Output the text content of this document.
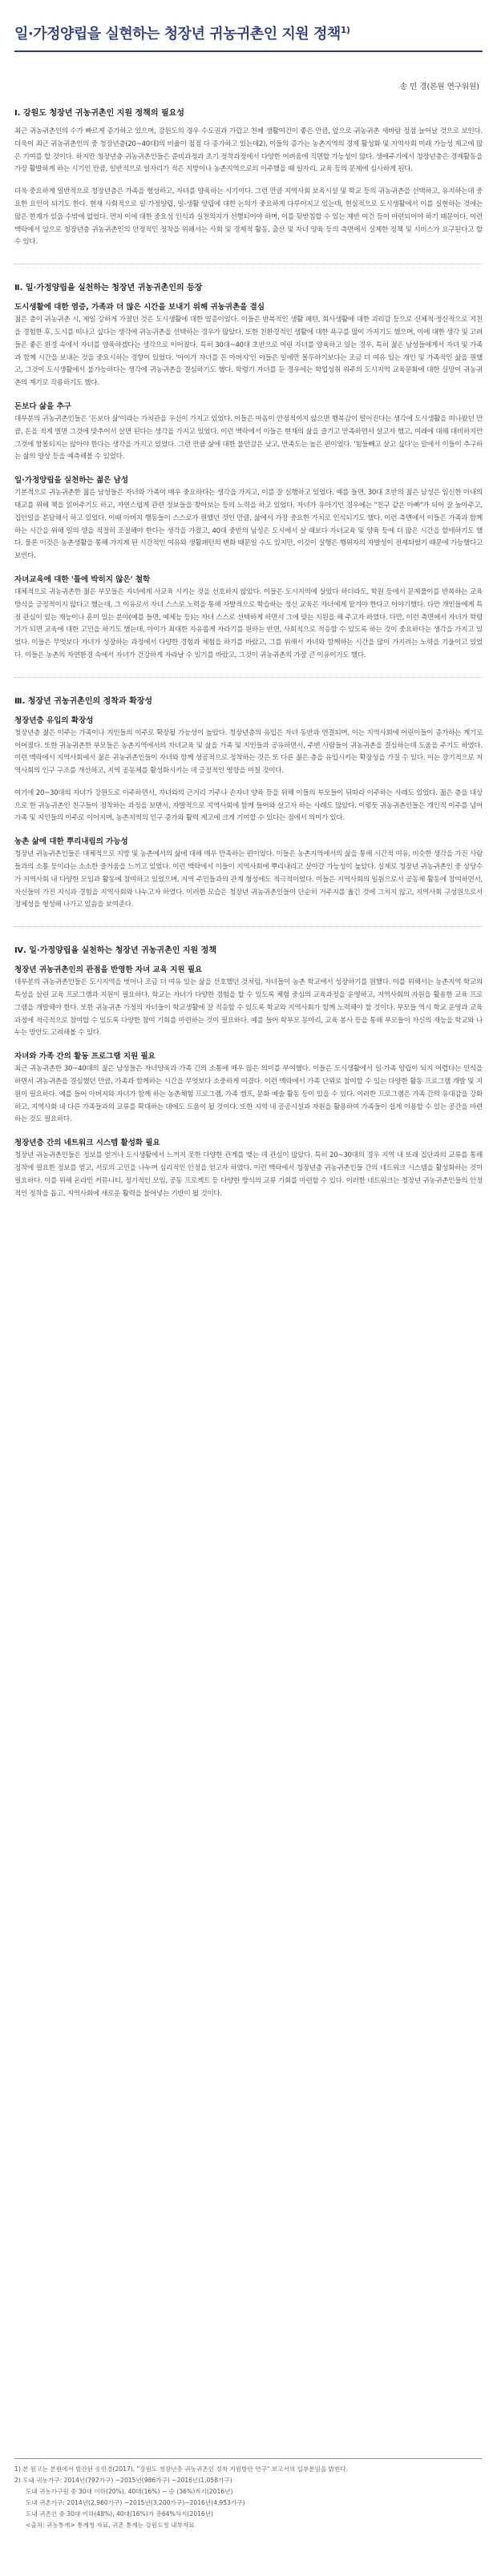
일·가정양립을 실현하는 청장년 귀농귀촌인 지원 정책$^{1)}$
송 민 경(본원 연구위원)
Ⅰ. 강원도 청장년 귀농귀촌인 지원 정책의 필요성

최근 귀농귀촌인의 수가 빠르게 증가하고 있으며, 강원도의 경우 수도권과 가깝고 천혜 생활여건이 좋은 만큼, 앞으로 귀농귀촌 새바람 정점 늘어날 것으로 보인다. 더욱이 최근 귀농귀촌인의 중 청장년층(20~40대)의 비율이 점점 다 증가하고 있는데2), 이들의 증가는 농촌지역의 경제 활성화 및 지역사회 미래 가능성 제고에 많은 기여를 할 것이다. 하지만 청장년층 귀농귀촌인들은 준비과정과 초기 정착과정에서 다양한 어려움에 직면할 가능성이 많다. 생애주기에서 청장년층은 경제활동을 가장 활발하게 하는 시기인 만큼, 일반적으로 일자리가 적은 지방이나 농촌지역으로의 이주했을 때 일자리, 교육 등의 문제에 심사하게 된다.

더욱 중요하게 일반적으로 청장년층은 가족을 형성하고, 자녀를 양육하는 시기이다. 그런 만큼 지역사회 보육시설 및 학교 등의 귀농귀촌을 선택하고, 유지하는데 중요한 요인이 되기도 한다. 현재 사회적으로 일·가정양립, 일-생활 양립에 대한 논의가 중요하게 다루어지고 있는데, 현실적으로 도시생활에서 이를 실현하는 것에는 많은 한계가 있을 수밖에 없었다. 먼저 이에 대한 중요성 인식과 실천의지가 선행되어야 하며, 이를 뒷받침할 수 있는 제반 여건 등이 마련되어야 하기 때문이다. 이런 맥락에서 앞으로 청장년층 귀농귀촌인의 안정적인 정착을 위해서는 사회 및 경제적 활동, 출산 및 자녀 양육 등의 측면에서 실제한 정책 및 서비스가 요구된다고 할 수 있다.

Ⅱ. 일·가정양립을 실천하는 청장년 귀농귀촌인의 등장
도시생활에 대한 염증, 가족과 더 많은 시간을 보내기 위해 귀농귀촌을 결심

젊은 층이 귀농귀촌 시, 제일 강하게 가졌던 것은 도시생활에 대한 염증이었다. 이들은 반복적인 생활 패턴, 회사생활에 대한 괴리감 등으로 신체적·정신적으로 지친을 경험한 후, 도시를 떠나고 싶다는 생각에 귀농귀촌을 선택하는 경우가 많았다. 또한 친환경적인 생활에 대한 욕구를 많이 가지기도 했으며, 이에 대한 생각 및 고려들은 좋은 환경 속에서 자녀를 양육하겠다는 생각으로 이어졌다. 특히 30대~40대 초반으로 어린 자녀를 양육하고 있는 경우, 특히 젊은 남성들에게서 자녀 및 가족과 함께 시간을 보내는 것을 중요시하는 경향이 있었다. '아이가 자녀를 돈 아버지'인 이들은 일에만 몰두하기보다는 조금 더 여유 있는 개인 및 가족적인 삶을 원했고, 그것이 도시생활에서 불가능하다는 생각에 귀농귀촌을 결심하기도 했다. 학령기 자녀를 둔 경우에는 학업성취 위주의 도시지역 교육문화에 대한 실망이 귀농귀촌의 계기로 작용하기도 했다.

돈보다 삶을 추구

대부분의 귀농귀촌인들은 '돈보다 삶'이라는 가치관을 우선이 가지고 있었다. 이들은 마음이 안정적이지 않으면 행복감이 떨어진다는 생각에 도시생활을 떠나왔던 만큼, 돈을 적게 벌면 그것에 맞추어서 살면 된다는 생각을 가지고 있었다. 이런 맥락에서 이들은 현재의 삶을 즐기고 만족하면서 살고자 했고, 미래에 대해 대비하지만 그것에 함몰되지는 않아야 한다는 생각을 가지고 있었다. 그런 만큼 삶에 대한 불안감은 낮고, 만족도는 높은 편이었다. '힘들빼고 살고 싶다'는 말에서 이들이 추구하는 삶의 양상 등을 예측해볼 수 있었다.

일·가정양립을 실천하는 젊은 남성

기본적으로 귀농귀촌한 젊은 남성들은 자녀와 가족이 매우 중요하다는 생각을 가지고, 이를 잘 실행하고 있었다. 예를 들면, 30대 초반의 젊은 남성은 임신한 아내의 태교를 위해 책을 읽어주기도 하고, 자연스럽게 관련 정보들을 찾아보는 등의 노력을 하고 있었다. 자녀가 유아기인 경우에는 "친구 같은 아빠"가 되어 잘 놀아주고, 집안일을 분담해서 하고 있었다. 이때 아버지 행동들이 스스로가 원했던 것인 만큼, 삶에서 가장 중요한 가치로 인식되기도 했다. 이런 측면에서 이들은 가족과 함께 하는 시간을 위해 일의 양을 적절히 조절해야 한다는 생각을 가졌고, 40대 중반의 남성은 도시에서 살 때보다 자녀교육 및 양육 등에 더 많은 시간을 할애하기도 했다. 물론 이것은 농촌생활을 통해 가지게 된 시간적인 여유와 생활패턴의 변화 때문일 수도 있지만, 이것이 실행은 행위자의 자발성이 전제되었기 때문에 가능했다고 보인다.

자녀교육에 대한 '틀에 박히지 않은' 철학

대체적으로 귀농귀촌한 젊은 부모들은 자녀에게 사교육 시키는 것을 선호하지 않았다. 이들은 도시지역에 살았다 하더라도, 학원 등에서 문제풀이를 반복하는 교육방식을 긍정적이지 않다고 했는데, 그 이유로서 자녀 스스로 노력을 통해 자발적으로 학습하는 정신 교육은 자녀에게 맡겨야 한다고 이야기했다. 다만 개인들에게 특정 관심이 있는 재능이나 흥미 있는 분야(예를 들면, 예체능 등)는 자녀 스스로 선택하게 하면서 그에 맞는 지원을 해 주고자 하였다. 다만, 이런 측면에서 자녀가 학령기가 되면 교육에 대한 고민을 하기도 했는데, 아이가 최대한 자유롭게 자라기를 원하는 반면, 사회적으로 적응할 수 있도록 하는 것이 중요하다는 생각을 가지고 있었다. 이들은 무엇보다 자녀가 성장하는 과정에서 다양한 경험과 체험을 하기를 바랐고, 그를 위해서 자녀와 함께하는 시간을 많이 가지려는 노력을 기울이고 있었다. 이들은 농촌의 자연환경 속에서 자녀가 건강하게 자라날 수 있기를 바랐고, 그것이 귀농귀촌의 가장 큰 이유이기도 했다.

Ⅲ. 청장년 귀농귀촌인의 정착과 확장성
청장년층 유입의 확장성

청장년층 젊은 이주는 가족이나 지인들의 이주로 확장될 가능성이 높았다. 청장년층의 유입은 자녀 동반과 연결되며, 이는 지역사회에 어린이들이 증가하는 계기로 이어졌다. 또한 귀농귀촌한 부모들은 농촌지역에서의 자녀교육 및 삶을 가족 및 지인들과 공유하면서, 주변 사람들이 귀농귀촌을 결심하는데 도움을 주기도 하였다. 이런 맥락에서 지역사회에서 젊은 귀농귀촌인들이 자녀와 함께 성공적으로 정착하는 것은 또 다른 젊은 층을 유입시키는 확장성을 가질 수 있다. 이는 장기적으로 지역사회의 인구 구조를 개선하고, 지역 공동체를 활성화시키는 데 긍정적인 영향을 미칠 것이다.

여기에 20~30대의 자녀가 강원도로 이주하면서, 자녀와의 근거리 거주나 손자녀 양육 등을 위해 이들의 부모들이 뒤따라 이주하는 사례도 있었다. 젊은 층을 대상으로 한 귀농귀촌인 친구들이 정착하는 과정을 보면서, 자발적으로 지역사회에 함께 들어와 살고자 하는 사례도 많았다. 이렇듯 귀농귀촌인들은 개인적 이주를 넘어 가족 및 지인들의 이주로 이어지며, 농촌지역의 인구 증가와 활력 제고에 크게 기여할 수 있다는 점에서 의미가 있다.

농촌 삶에 대한 뿌리내림의 가능성

청장년 귀농귀촌인들은 대체적으로 지방 및 농촌에서의 삶에 대해 매우 만족하는 편이었다. 이들은 농촌지역에서의 삶을 통해 시간적 여유, 비슷한 생각을 가진 사람들과의 소통 등이라는 소소한 즐거움을 느끼고 있었다. 이런 맥락에서 이들이 지역사회에 뿌리내리고 살아갈 가능성이 높았다. 실제로 청장년 귀농귀촌인 중 상당수가 지역사회 내 다양한 모임과 활동에 참여하고 있었으며, 지역 주민들과의 관계 형성에도 적극적이었다. 이들은 지역사회의 일원으로서 공동체 활동에 참여하면서, 자신들이 가진 지식과 경험을 지역사회와 나누고자 하였다. 이러한 모습은 청장년 귀농귀촌인들이 단순히 거주지를 옮긴 것에 그치지 않고, 지역사회 구성원으로서 정체성을 형성해 나가고 있음을 보여준다.

Ⅳ. 일·가정양립을 실천하는 청장년 귀농귀촌인 지원 정책
청장년 귀농귀촌인의 관점을 반영한 자녀 교육 지원 필요

대부분의 귀농귀촌인들은 도시지역을 벗어나 조금 더 여유 있는 삶을 선호했던 것처럼, 자녀들이 농촌 학교에서 성장하기를 원했다. 이를 위해서는 농촌지역 학교의 특성을 살린 교육 프로그램과 지원이 필요하다. 학교는 자녀가 다양한 경험을 할 수 있도록 체험 중심의 교육과정을 운영하고, 지역사회의 자원을 활용한 교육 프로그램을 개발해야 한다. 또한 귀농귀촌 가정의 자녀들이 학교생활에 잘 적응할 수 있도록 학교와 지역사회가 함께 노력해야 할 것이다. 부모들 역시 학교 운영과 교육과정에 적극적으로 참여할 수 있도록 다양한 참여 기회를 마련하는 것이 필요하다. 예를 들어 학부모 동아리, 교육 봉사 등을 통해 부모들이 자신의 재능을 학교와 나누는 방안도 고려해볼 수 있다.

자녀와 가족 간의 활동 프로그램 지원 필요

최근 귀농귀촌한 30~40대의 젊은 남성들은 자녀양육과 가족 간의 소통에 매우 많은 의미를 부여했다. 이들은 도시생활에서 일·가족 양립이 되지 어렵다는 인식을 하면서 귀농귀촌을 결심했던 만큼, 가족과 함께하는 시간을 무엇보다 소중하게 여겼다. 이런 맥락에서 가족 단위로 참여할 수 있는 다양한 활동 프로그램 개발 및 지원이 필요하다. 예를 들어 아버지와 자녀가 함께 하는 농촌체험 프로그램, 가족 캠프, 문화 예술 활동 등이 있을 수 있다. 이러한 프로그램은 가족 간의 유대감을 강화하고, 지역사회 내 다른 가족들과의 교류를 확대하는 데에도 도움이 될 것이다. 또한 지역 내 공공시설과 자원을 활용하여 가족들이 쉽게 이용할 수 있는 공간을 마련하는 것도 필요하다.

청장년층 간의 네트워크 시스템 활성화 필요

청장년 귀농귀촌인들은 정보를 얻거나 도시생활에서 느끼지 못한 다양한 관계를 맺는 데 관심이 많았다. 특히 20~30대의 경우 지역 내 또래 집단과의 교류를 통해 정착에 필요한 정보를 얻고, 서로의 고민을 나누며 심리적인 안정을 얻고자 하였다. 이런 맥락에서 청장년층 귀농귀촌인들 간의 네트워크 시스템을 활성화하는 것이 필요하다. 이를 위해 온라인 커뮤니티, 정기적인 모임, 공동 프로젝트 등 다양한 방식의 교류 기회를 마련할 수 있다. 이러한 네트워크는 청장년 귀농귀촌인들의 안정적인 정착을 돕고, 지역사회에 새로운 활력을 불어넣는 기반이 될 것이다.

1) 본 원고는 본원에서 발간된 송민경(2017), "강원도 청장년층 귀농귀촌인 정착 지원방안 연구" 보고서의 일부분임을 밝힌다.
2) 도내 귀농가구: 2014년(792가구) ~2015년(986가구) ~2016년(1,058가구)
도내 귀농가구원 중 30대 이하(20%), 40대(16%) ~ 순 (36%)씩지(2016년)
도내 귀촌가구: 2014년(2,960가구) ~2015년(3,200가구)~2016년(4,953가구)
도내 귀촌인 중 30대 이하(48%), 40대(16%)가 총64%차지(2016년)
<출처: 귀농통계> 통계청 자료, 귀촌 통계는 강원도청 내부자료
